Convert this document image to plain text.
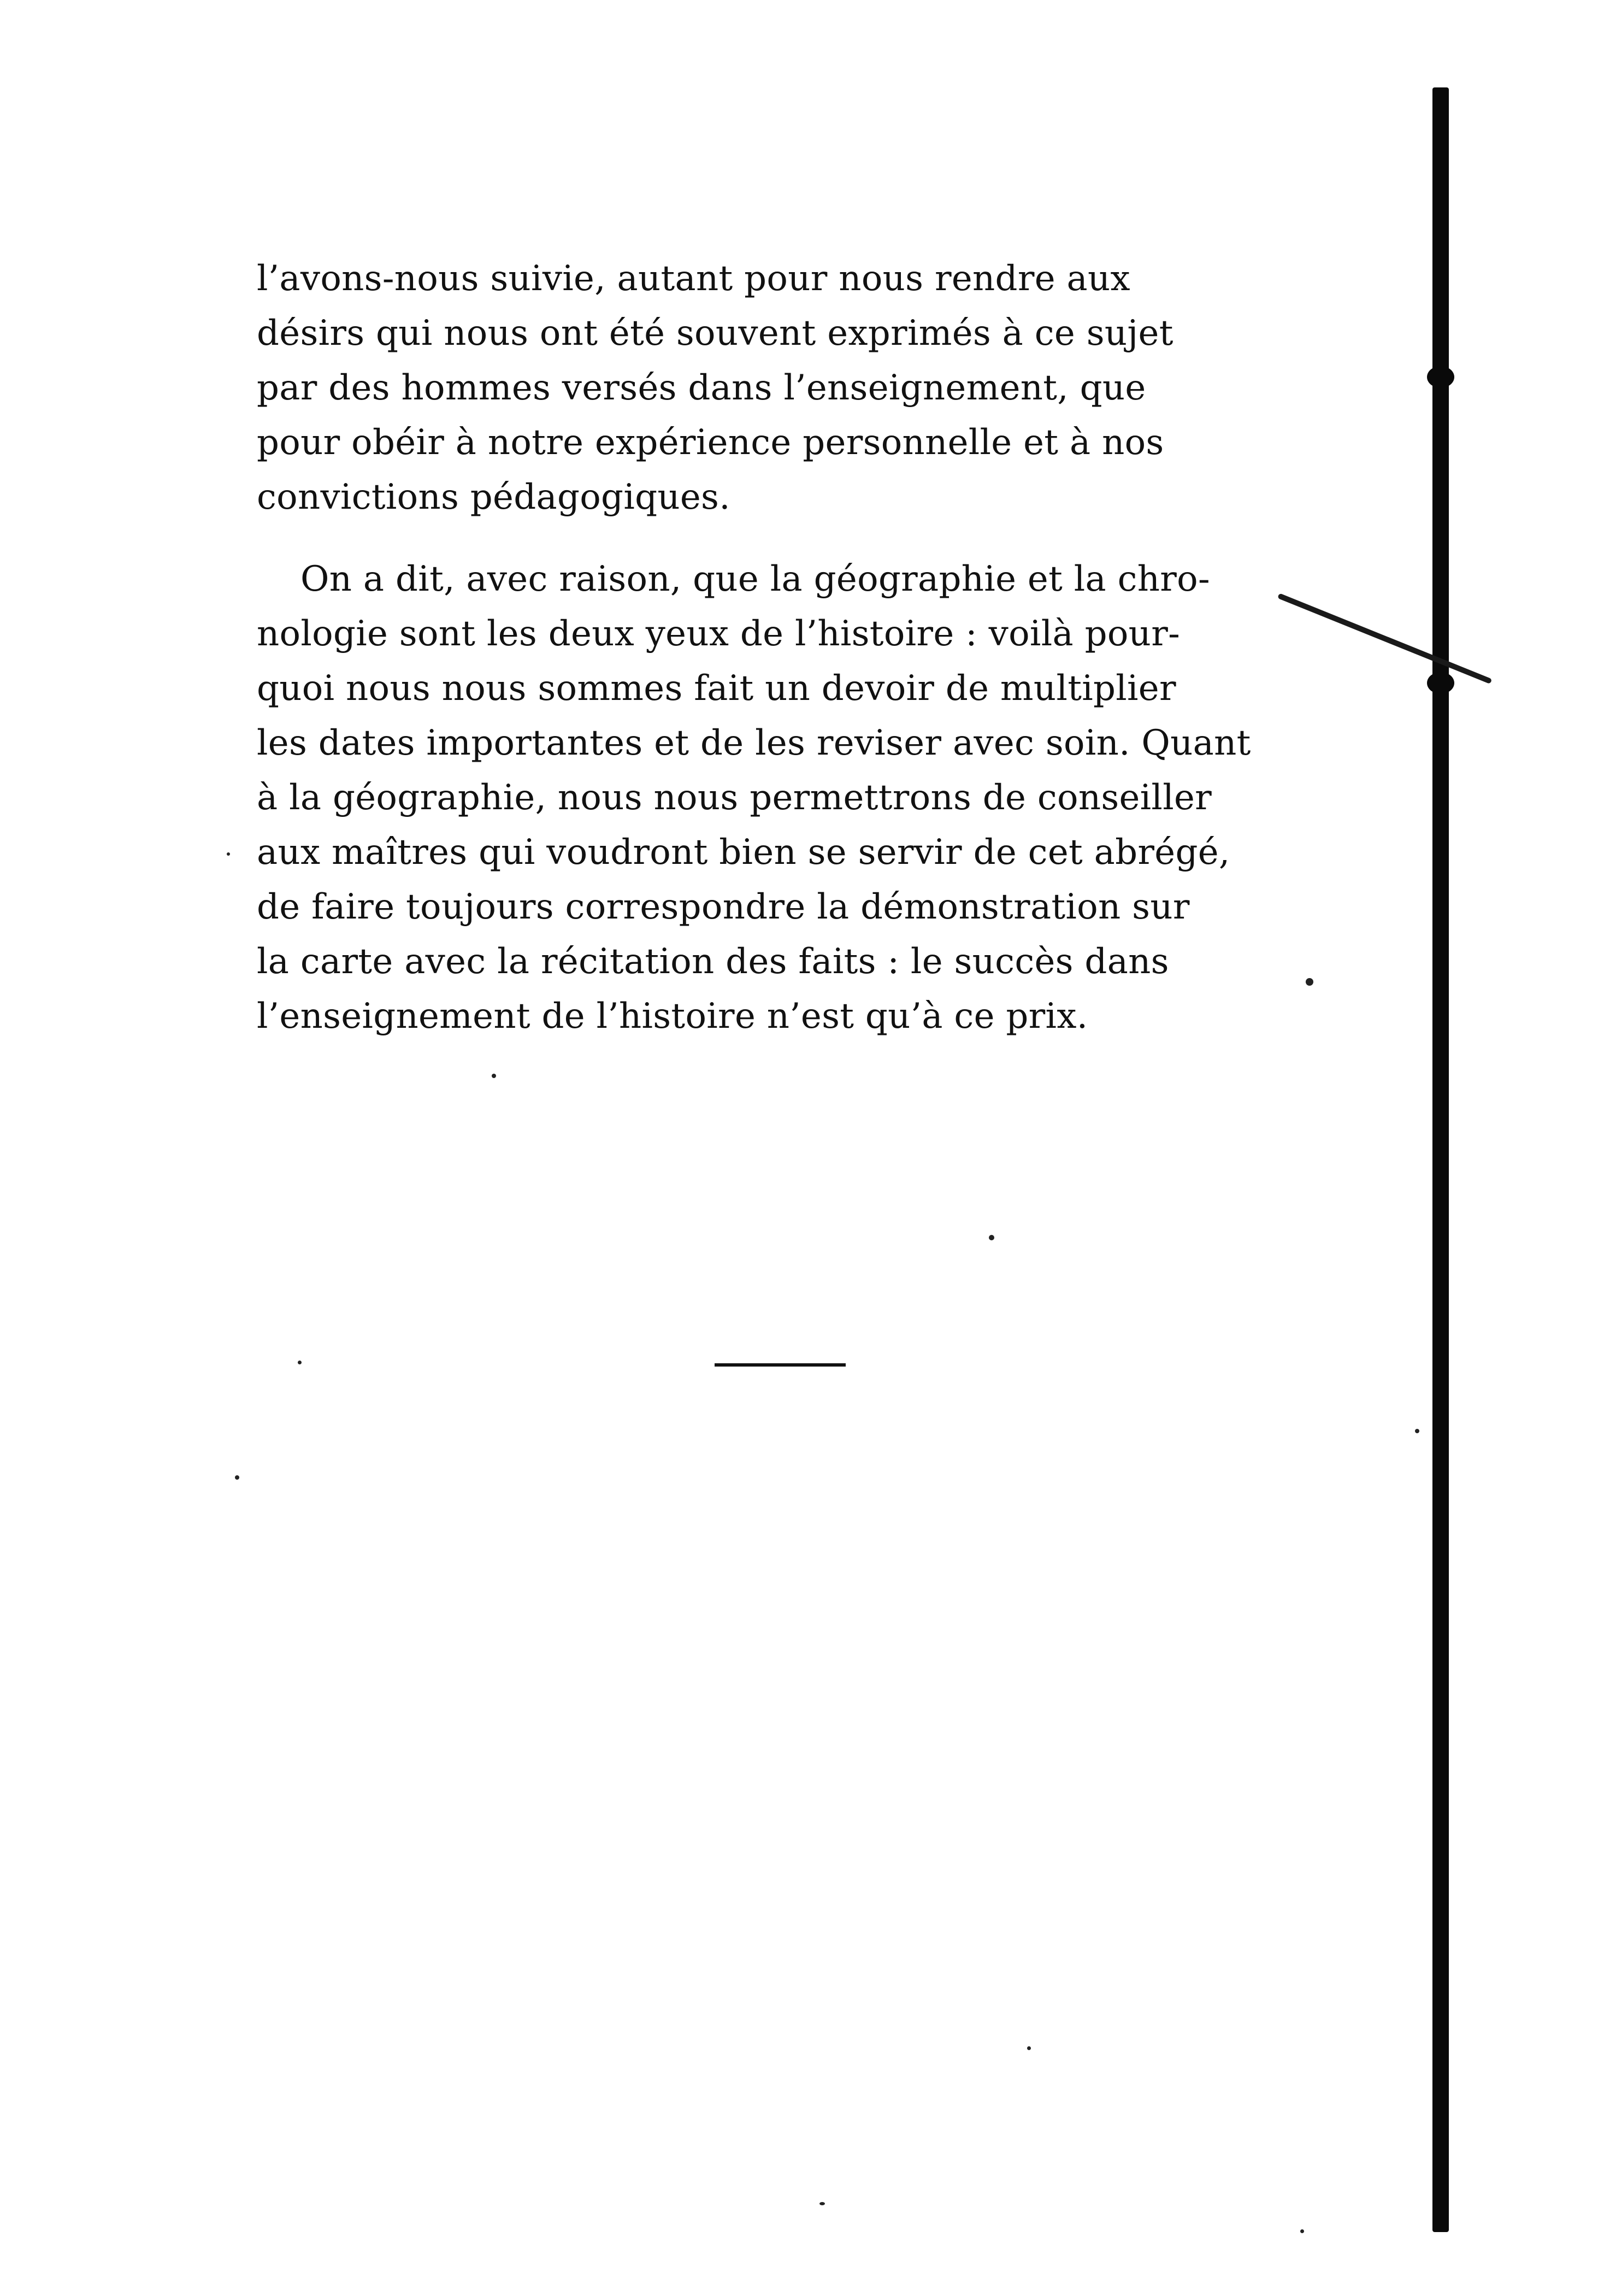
l’avons-nous suivie, autant pour nous rendre aux

désirs qui nous ont été souvent exprimés à ce sujet

par des hommes versés dans l’enseignement, que

pour obéir à notre expérience personnelle et à nos

convictions pédagogiques.

On a dit, avec raison, que la géographie et la chro-

nologie sont les deux yeux de l’histoire : voilà pour-

quoi nous nous sommes fait un devoir de multiplier

les dates importantes et de les reviser avec soin. Quant

à la géographie, nous nous permettrons de conseiller

aux maîtres qui voudront bien se servir de cet abrégé,

de faire toujours correspondre la démonstration sur

la carte avec la récitation des faits : le succès dans

l’enseignement de l’histoire n’est qu’à ce prix.
